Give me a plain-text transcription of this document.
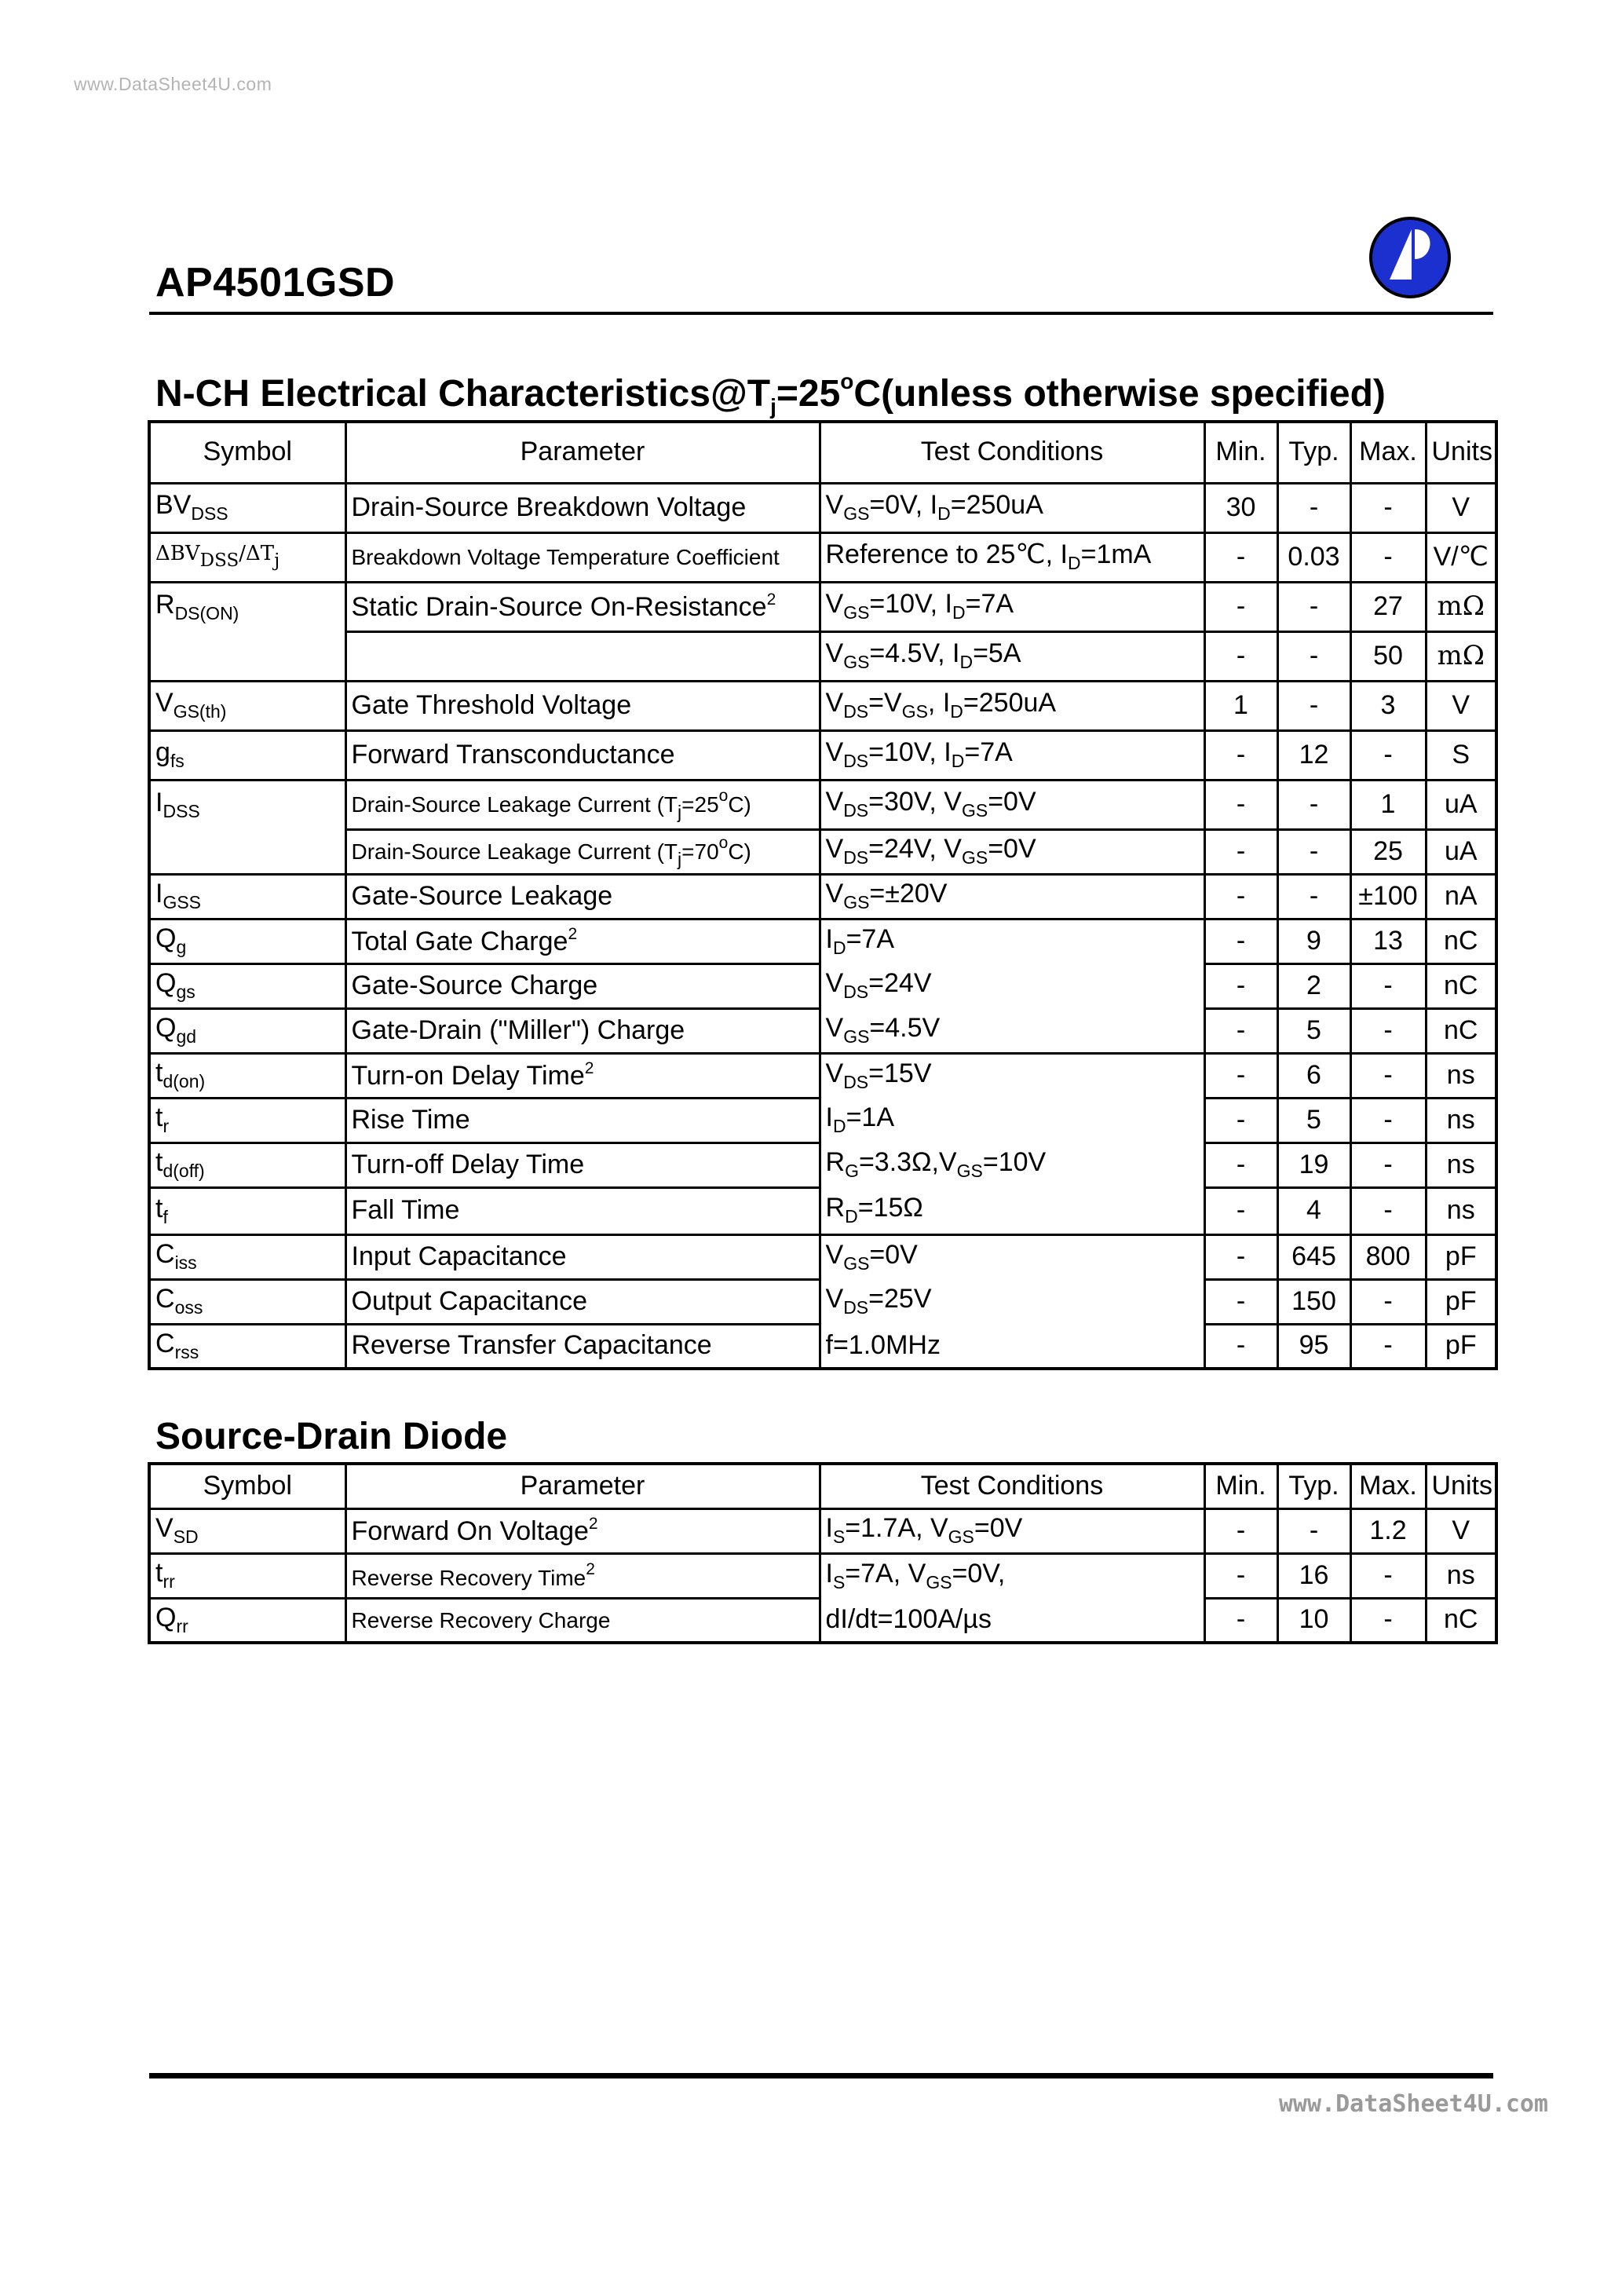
www.DataSheet4U.com
AP4501GSD
N-CH Electrical $Characteristics@T_j=25^oC(unless$ otherwise specified)
Symbol	Parameter	Test Conditions	Min.	Typ.	Max.	Units
$BV_{DSS}$	Drain-Source Breakdown Voltage	$V_{GS}=0V$, $I_D=250uA$	30	-	-	V
$\Delta BV_{DSS}/\Delta T_j$	Breakdown Voltage Temperature Coefficient	Reference to 25℃, $I_D=1mA$	-	0.03	-	V/℃
$R_{DS(ON)}$	Static Drain-Source On-Resistance$^2$	$V_{GS}=10V$, $I_D=7A$	-	-	27	mΩ
		$V_{GS}=4.5V$, $I_D=5A$	-	-	50	mΩ
$V_{GS(th)}$	Gate Threshold Voltage	$V_{DS}=V_{GS}$, $I_D=250uA$	1	-	3	V
$g_{fs}$	Forward Transconductance	$V_{DS}=10V$, $I_D=7A$	-	12	-	S
$I_{DSS}$	Drain-Source Leakage Current $(T_j=25^oC)$	$V_{DS}=30V$, $V_{GS}=0V$	-	-	1	uA
	Drain-Source Leakage Current $(T_j=70^oC)$	$V_{DS}=24V$, $V_{GS}=0V$	-	-	25	uA
$I_{GSS}$	Gate-Source Leakage	$V_{GS}=\pm 20V$	-	-	±100	nA
$Q_g$	Total Gate Charge$^2$	$I_D=7A$	-	9	13	nC
$Q_{gs}$	Gate-Source Charge	$V_{DS}=24V$	-	2	-	nC
$Q_{gd}$	Gate-Drain ("Miller") Charge	$V_{GS}=4.5V$	-	5	-	nC
$t_{d(on)}$	Turn-on Delay Time$^2$	$V_{DS}=15V$	-	6	-	ns
$t_r$	Rise Time	$I_D=1A$	-	5	-	ns
$t_{d(off)}$	Turn-off Delay Time	$R_G=3.3\Omega,V_{GS}=10V$	-	19	-	ns
$t_f$	Fall Time	$R_D=15\Omega$	-	4	-	ns
$C_{iss}$	Input Capacitance	$V_{GS}=0V$	-	645	800	pF
$C_{oss}$	Output Capacitance	$V_{DS}=25V$	-	150	-	pF
$C_{rss}$	Reverse Transfer Capacitance	f=1.0MHz	-	95	-	pF
Source-Drain Diode
Symbol	Parameter	Test Conditions	Min.	Typ.	Max.	Units
$V_{SD}$	Forward On Voltage$^2$	$I_S=1.7A$, $V_{GS}=0V$	-	-	1.2	V
$t_{rr}$	Reverse Recovery Time$^2$	$I_S=7A$, $V_{GS}=0V$,	-	16	-	ns
$Q_{rr}$	Reverse Recovery Charge	dI/dt=100A/µs	-	10	-	nC
www.DataSheet4U.com
